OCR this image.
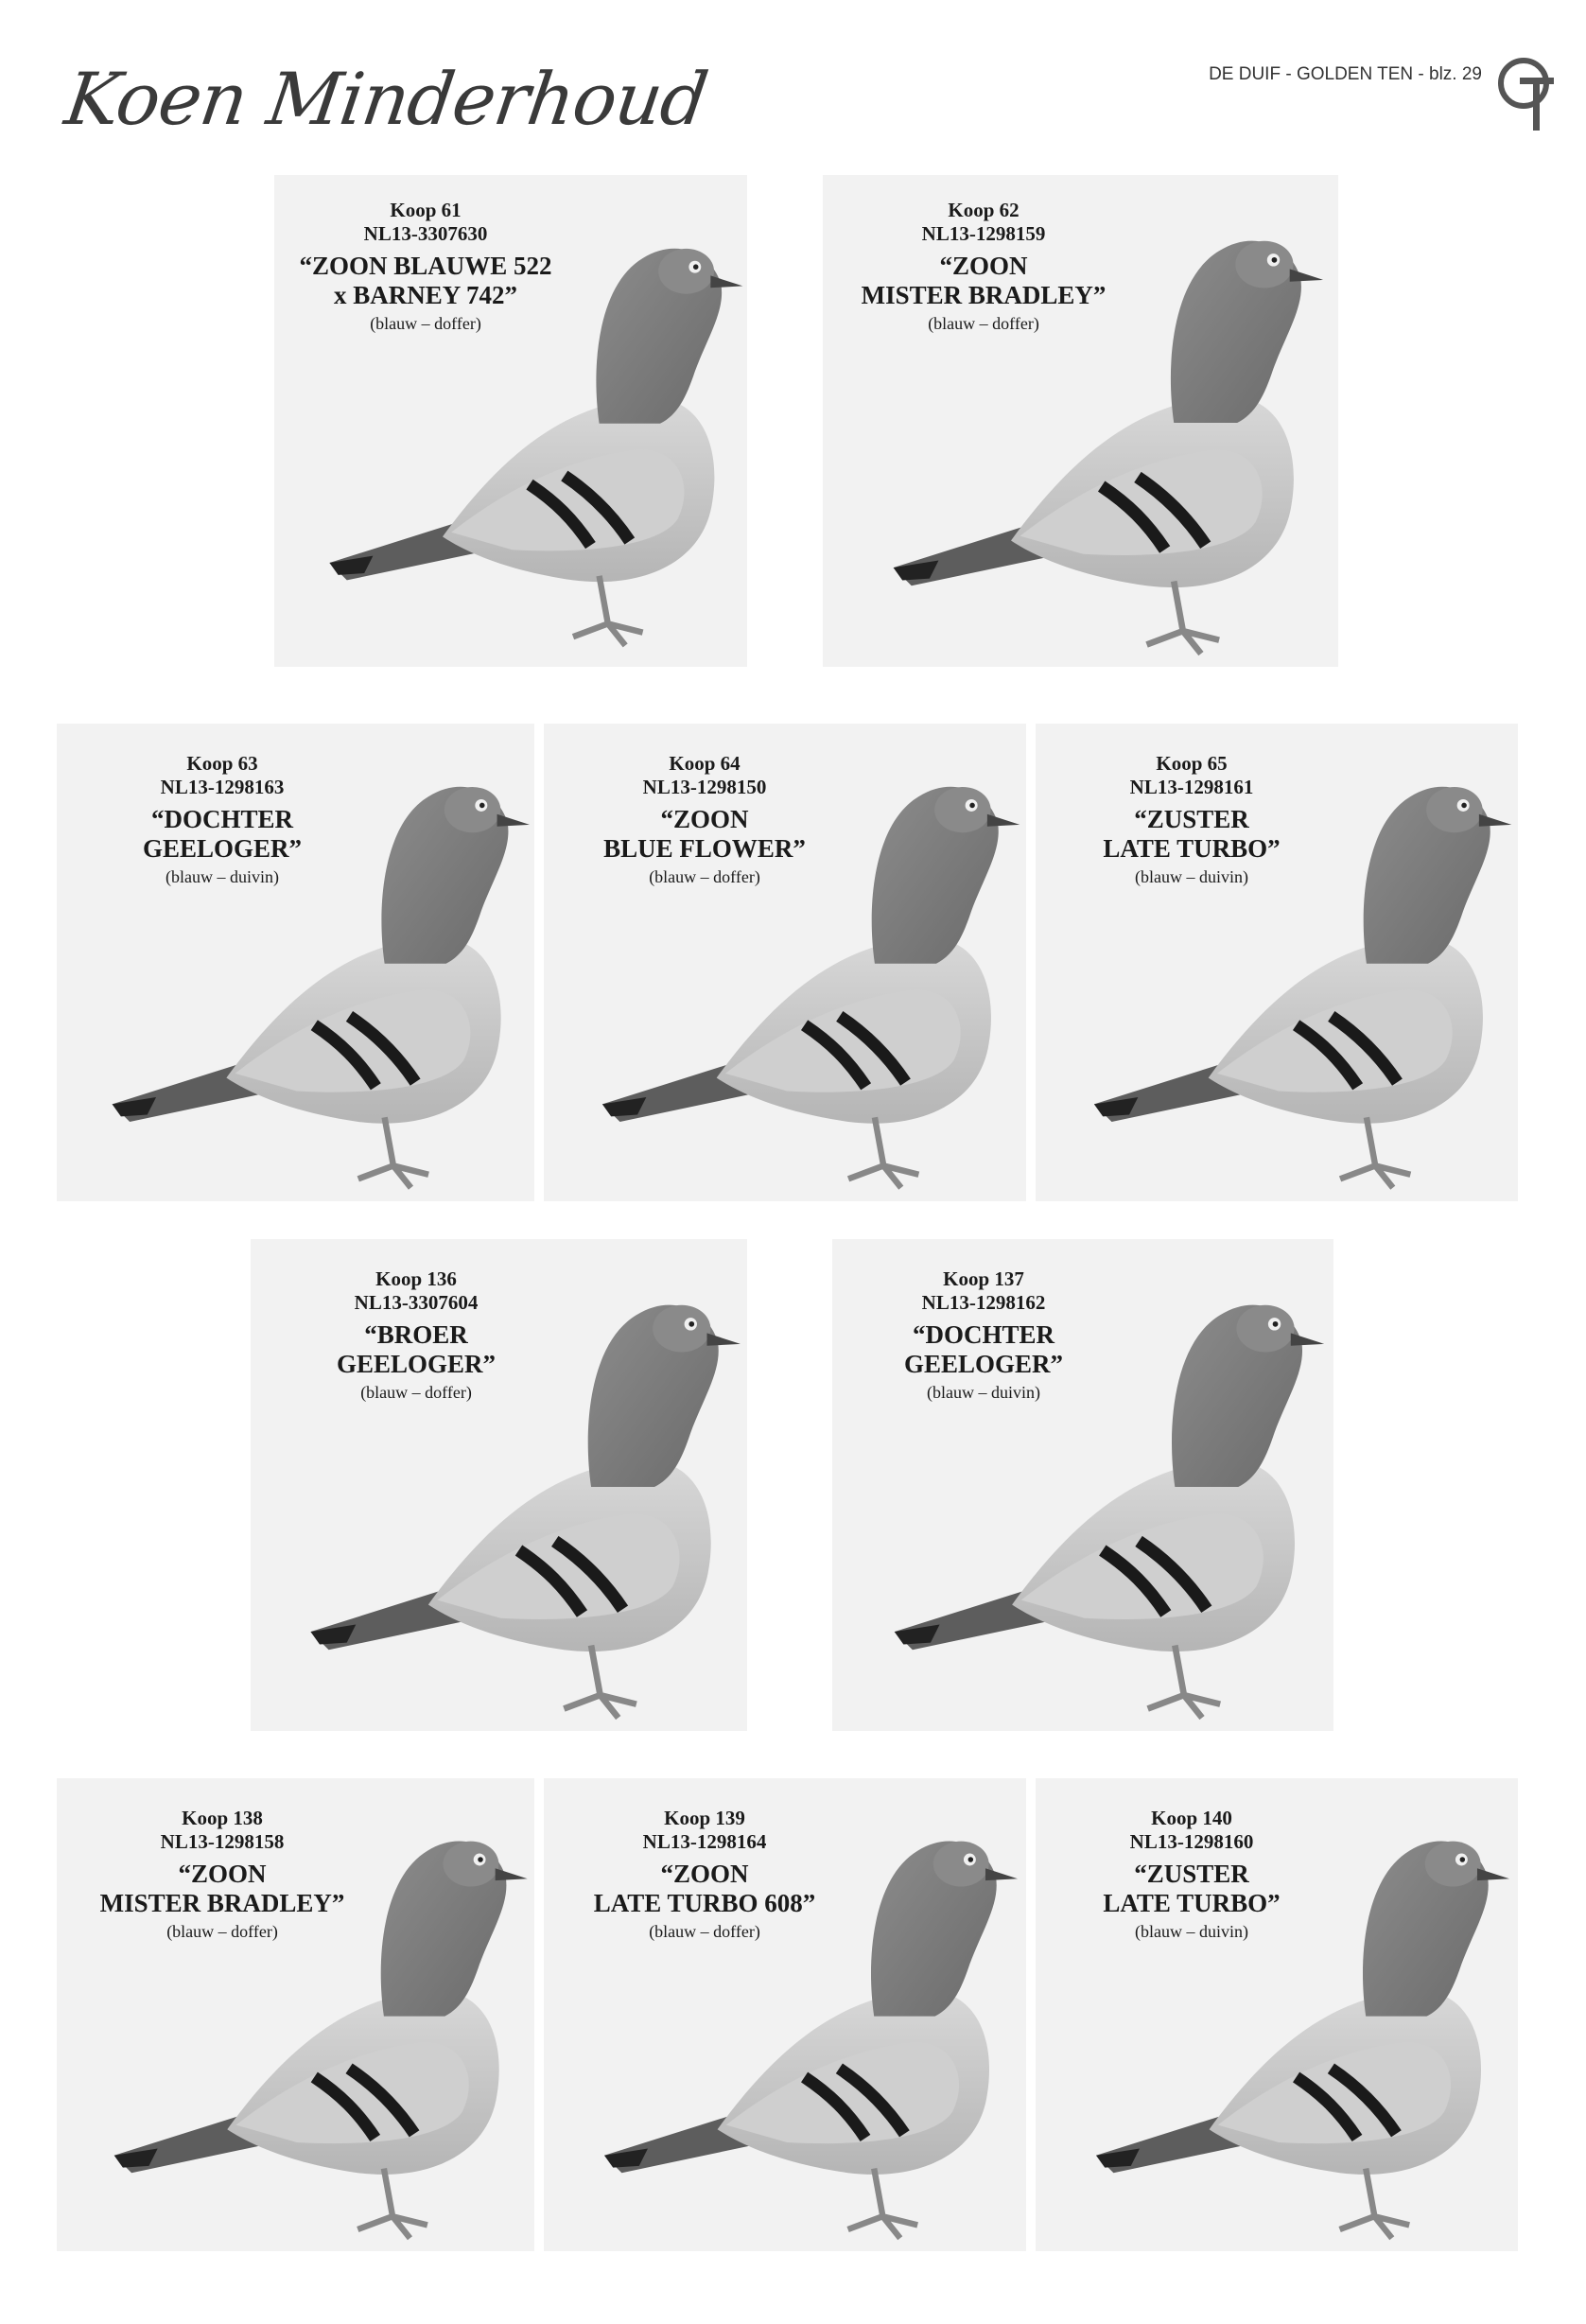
Koen Minderhoud	DE DUIF - GOLDEN TEN - blz. 29
Koop 61
NL13-3307630
“ZOON BLAUWE 522
x BARNEY 742”
(blauw – doffer)
Koop 62
NL13-1298159
“ZOON
MISTER BRADLEY”
(blauw – doffer)
Koop 63
NL13-1298163
“DOCHTER
GEELOGER”
(blauw – duivin)
Koop 64
NL13-1298150
“ZOON
BLUE FLOWER”
(blauw – doffer)
Koop 65
NL13-1298161
“ZUSTER
LATE TURBO”
(blauw – duivin)
Koop 136
NL13-3307604
“BROER
GEELOGER”
(blauw – doffer)
Koop 137
NL13-1298162
“DOCHTER
GEELOGER”
(blauw – duivin)
Koop 138
NL13-1298158
“ZOON
MISTER BRADLEY”
(blauw – doffer)
Koop 139
NL13-1298164
“ZOON
LATE TURBO 608”
(blauw – doffer)
Koop 140
NL13-1298160
“ZUSTER
LATE TURBO”
(blauw – duivin)
